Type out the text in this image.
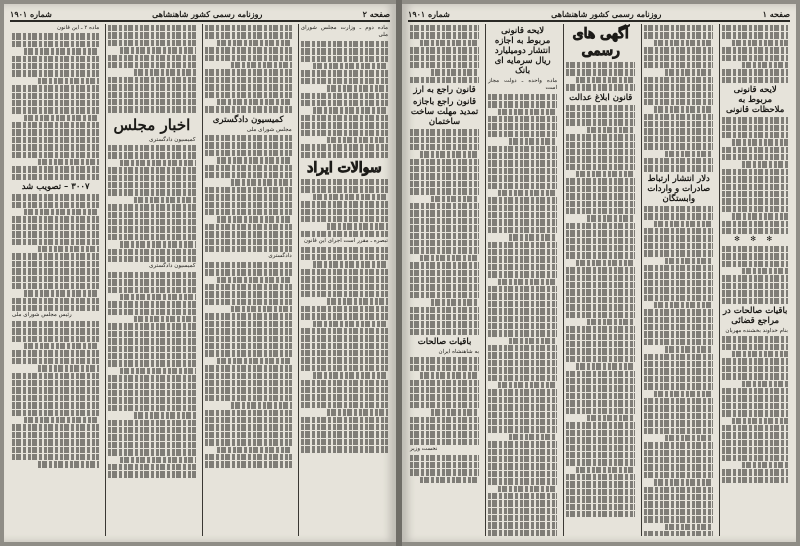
صفحه ۲
روزنامه رسمی کشور شاهنشاهی
شماره ۱۹۰۱
ماده دوم ـ وزارت مجلس شورای ملی
سوالات ایراد
تبصره ـ مقرر است اجرای این قانون
کمیسیون دادگستری
مجلس شورای ملی
دادگستری
اخبار مجلس
کمیسیون دادگستری
کمیسیون دادگستری
ماده ۲ ـ این قانون
۳۰۰۷ – تصویب شد
رئیس مجلس شورای ملی
صفحه ۱
روزنامه رسمی کشور شاهنشاهی
شماره ۱۹۰۱
لایحه قانونی مربوط به ملاحظات قانونی
✻ ✻ ✻
باقیات صالحات در مراجع قضائی
بنام خداوند بخشنده مهربان
دلار انتشار ارتباط صادرات و واردات وابستگان
آگهی های رسمی
قانون ابلاغ عدالت
لایحه قانونی مربوط به اجازه انتشار دومیلیارد ریال سرمایه ای بانک
ماده واحده ـ دولت مجاز است
قانون راجع به ارز
قانون راجع باجازه تمدید مهلت ساخت ساختمان
باقیات صالحات
به شاهنشاه ایران
نخست وزیر
